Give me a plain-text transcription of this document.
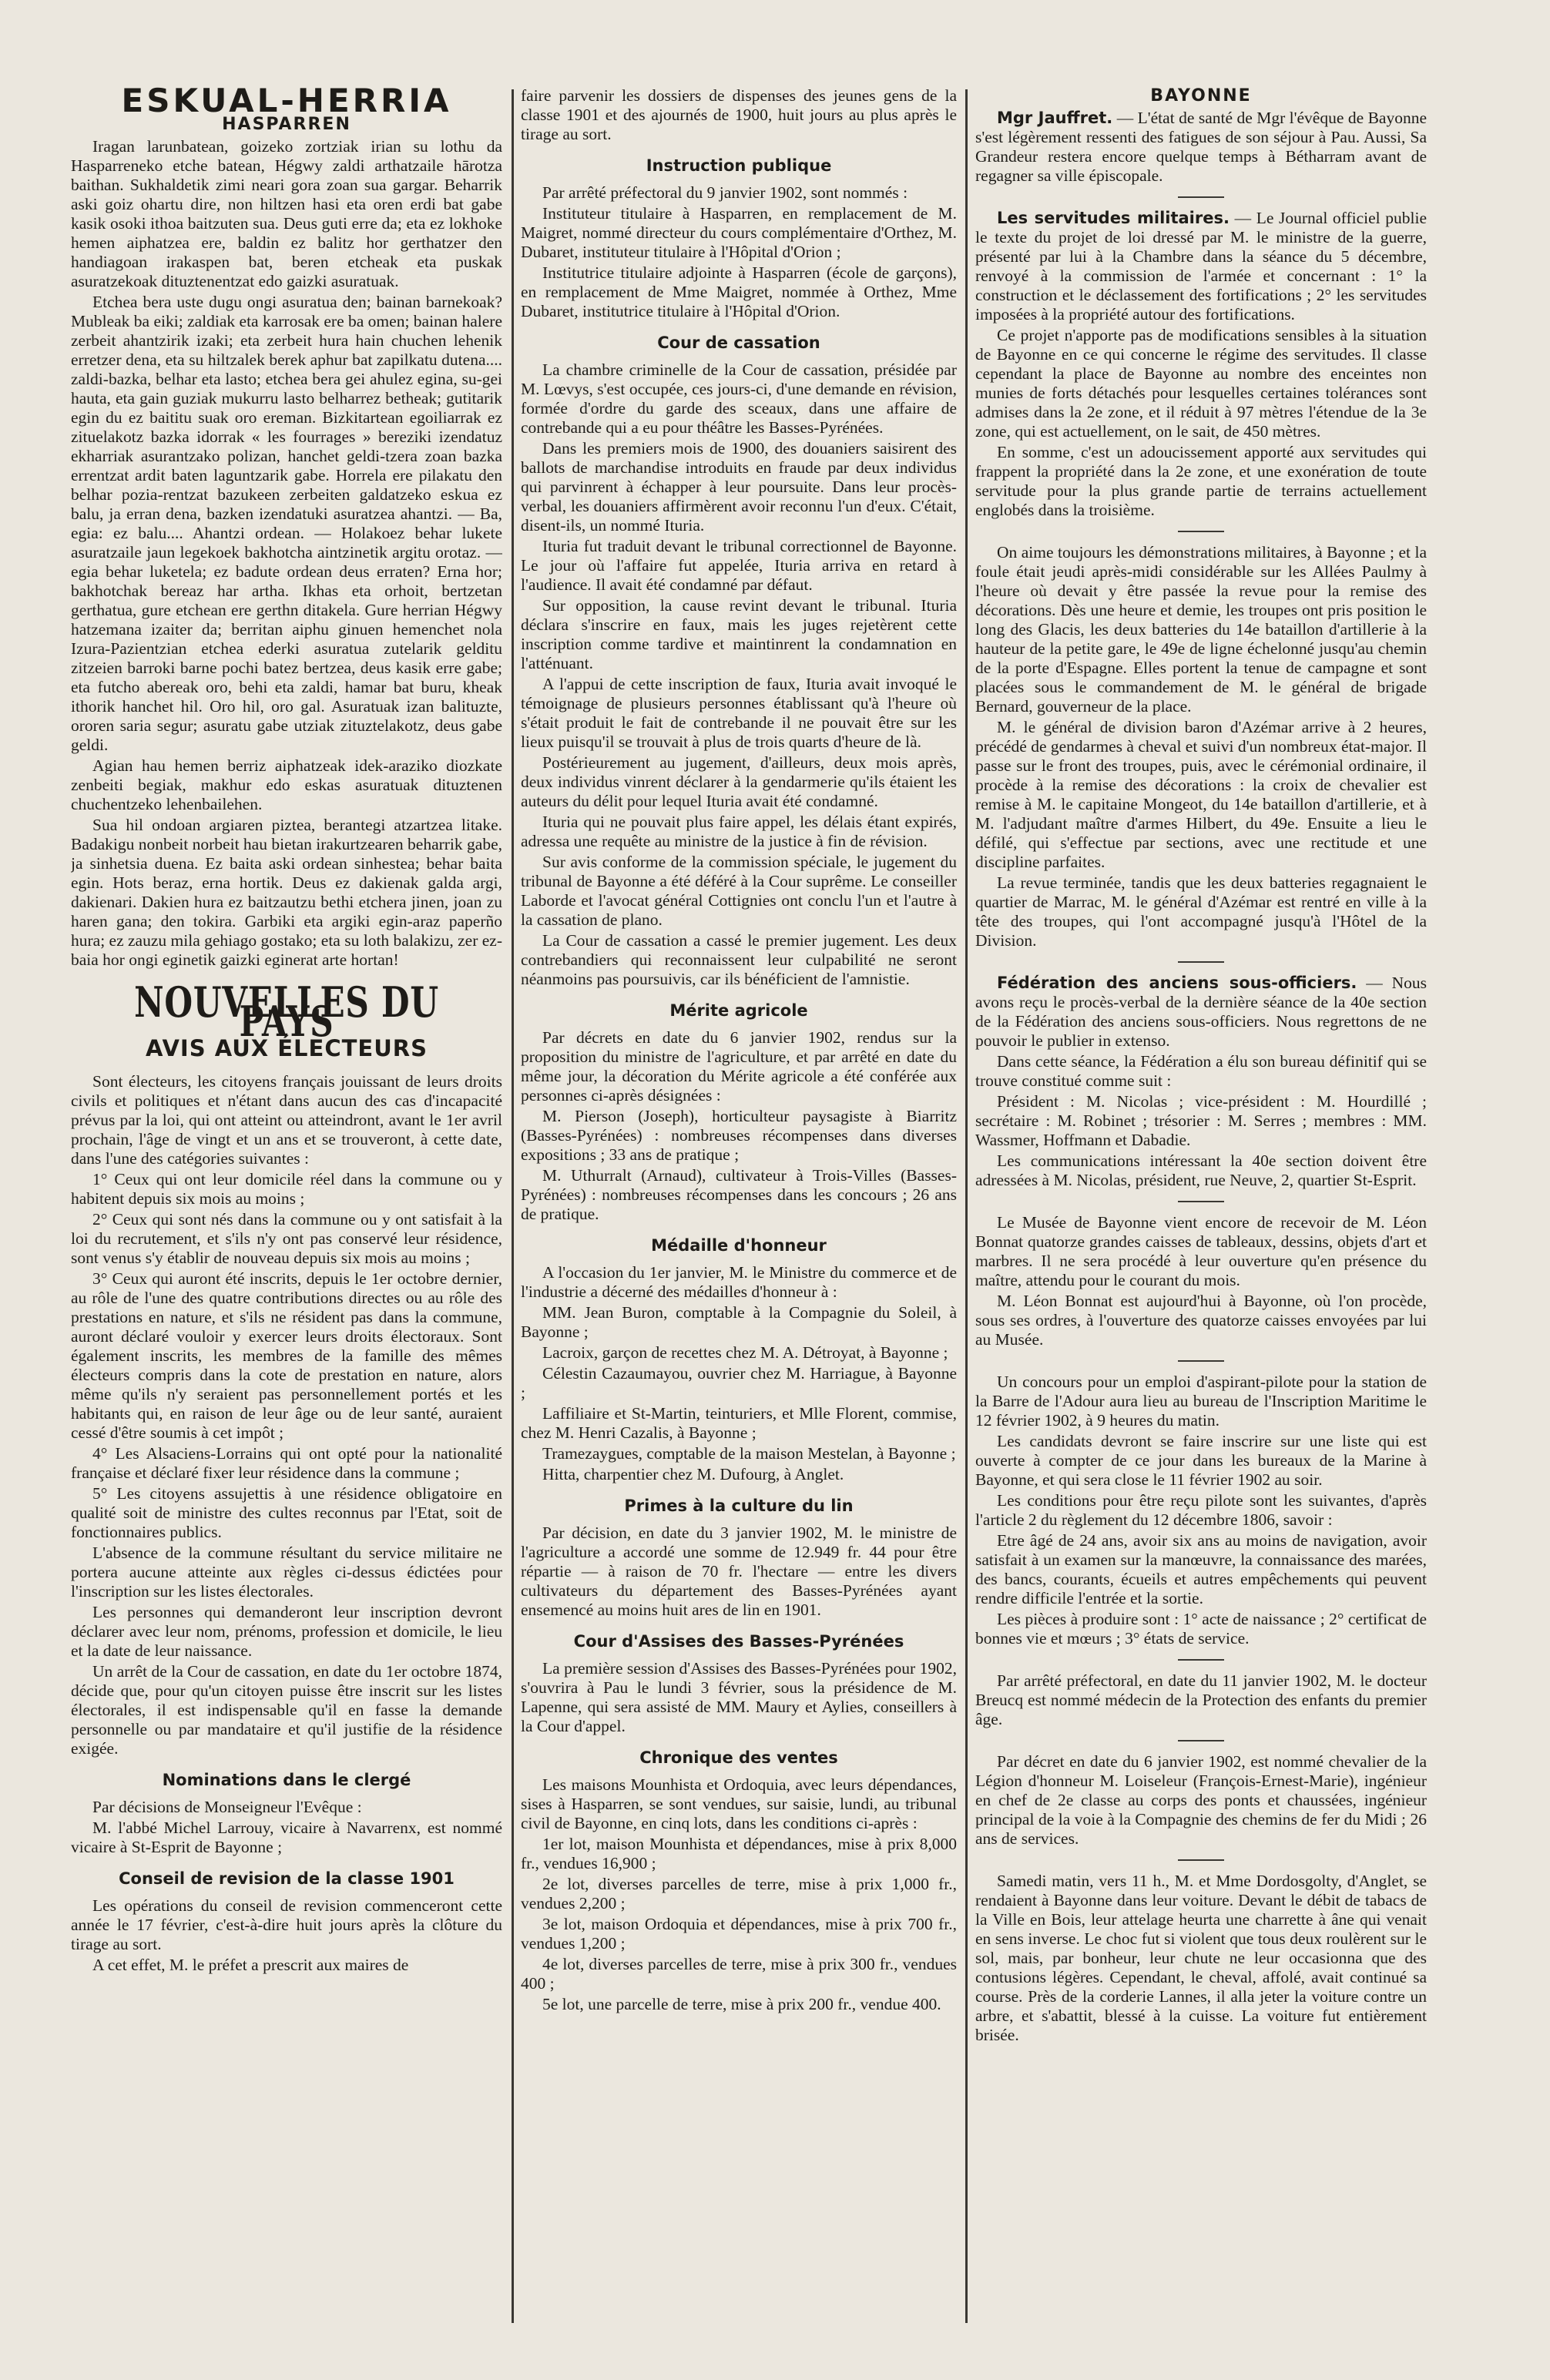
ESKUAL-HERRIA
HASPARREN

Iragan larunbatean, goizeko zortziak irian su lothu da Hasparreneko etche batean, Hégwy zaldi arthatzaile hārotza baithan. Sukhaldetik zimi neari gora zoan sua gargar. Beharrik aski goiz ohartu dire, non hiltzen hasi eta oren erdi bat gabe kasik osoki ithoa baitzuten sua. Deus guti erre da; eta ez lokhoke hemen aiphatzea ere, baldin ez balitz hor gerthatzer den handiagoan irakaspen bat, beren etcheak eta puskak asuratzekoak dituztenentzat edo gaizki asuratuak.

Etchea bera uste dugu ongi asuratua den; bainan barnekoak? Mubleak ba eiki; zaldiak eta karrosak ere ba omen; bainan halere zerbeit ahantzirik izaki; eta zerbeit hura hain chuchen lehenik erretzer dena, eta su hiltzalek berek aphur bat zapilkatu dutena.... zaldi-bazka, belhar eta lasto; etchea bera gei ahulez egina, su-gei hauta, eta gain guziak mukurru lasto belharrez betheak; gutitarik egin du ez baititu suak oro ereman. Bizkitartean egoiliarrak ez zituelakotz bazka idorrak « les fourrages » bereziki izendatuz ekharriak asurantzako polizan, hanchet geldi-tzera zoan bazka errentzat ardit baten laguntzarik gabe. Horrela ere pilakatu den belhar pozia-rentzat bazukeen zerbeiten galdatzeko eskua ez balu, ja erran dena, bazken izendatuki asuratzea ahantzi. — Ba, egia: ez balu.... Ahantzi ordean. — Holakoez behar lukete asuratzaile jaun legekoek bakhotcha aintzinetik argitu orotaz. — egia behar luketela; ez badute ordean deus erraten? Erna hor; bakhotchak bereaz har artha. Ikhas eta orhoit, bertzetan gerthatua, gure etchean ere gerthn ditakela. Gure herrian Hégwy hatzemana izaiter da; berritan aiphu ginuen hemenchet nola Izura-Pazientzian etchea ederki asuratua zutelarik gelditu zitzeien barroki barne pochi batez bertzea, deus kasik erre gabe; eta futcho abereak oro, behi eta zaldi, hamar bat buru, kheak ithorik hanchet hil. Oro hil, oro gal. Asuratuak izan balituzte, ororen saria segur; asuratu gabe utziak zituztelakotz, deus gabe geldi.

Agian hau hemen berriz aiphatzeak idek-araziko diozkate zenbeiti begiak, makhur edo eskas asuratuak dituztenen chuchentzeko lehenbailehen.

Sua hil ondoan argiaren piztea, berantegi atzartzea litake. Badakigu nonbeit norbeit hau bietan irakurtzearen beharrik gabe, ja sinhetsia duena. Ez baita aski ordean sinhestea; behar baita egin. Hots beraz, erna hortik. Deus ez dakienak galda argi, dakienari. Dakien hura ez baitzautzu bethi etchera jinen, joan zu haren gana; den tokira. Garbiki eta argiki egin-araz paperño hura; ez zauzu mila gehiago gostako; eta su loth balakizu, zer ez-baia hor ongi eginetik gaizki eginerat arte hortan!

NOUVELLES DU PAYS
AVIS AUX ÉLECTEURS

Sont électeurs, les citoyens français jouissant de leurs droits civils et politiques et n'étant dans aucun des cas d'incapacité prévus par la loi, qui ont atteint ou atteindront, avant le 1er avril prochain, l'âge de vingt et un ans et se trouveront, à cette date, dans l'une des catégories suivantes :

1° Ceux qui ont leur domicile réel dans la commune ou y habitent depuis six mois au moins ;

2° Ceux qui sont nés dans la commune ou y ont satisfait à la loi du recrutement, et s'ils n'y ont pas conservé leur résidence, sont venus s'y établir de nouveau depuis six mois au moins ;

3° Ceux qui auront été inscrits, depuis le 1er octobre dernier, au rôle de l'une des quatre contributions directes ou au rôle des prestations en nature, et s'ils ne résident pas dans la commune, auront déclaré vouloir y exercer leurs droits électoraux. Sont également inscrits, les membres de la famille des mêmes électeurs compris dans la cote de prestation en nature, alors même qu'ils n'y seraient pas personnellement portés et les habitants qui, en raison de leur âge ou de leur santé, auraient cessé d'être soumis à cet impôt ;

4° Les Alsaciens-Lorrains qui ont opté pour la nationalité française et déclaré fixer leur résidence dans la commune ;

5° Les citoyens assujettis à une résidence obligatoire en qualité soit de ministre des cultes reconnus par l'Etat, soit de fonctionnaires publics.

L'absence de la commune résultant du service militaire ne portera aucune atteinte aux règles ci-dessus édictées pour l'inscription sur les listes électorales.

Les personnes qui demanderont leur inscription devront déclarer avec leur nom, prénoms, profession et domicile, le lieu et la date de leur naissance.

Un arrêt de la Cour de cassation, en date du 1er octobre 1874, décide que, pour qu'un citoyen puisse être inscrit sur les listes électorales, il est indispensable qu'il en fasse la demande personnelle ou par mandataire et qu'il justifie de la résidence exigée.

Nominations dans le clergé

Par décisions de Monseigneur l'Evêque :

M. l'abbé Michel Larrouy, vicaire à Navarrenx, est nommé vicaire à St-Esprit de Bayonne ;

Conseil de revision de la classe 1901

Les opérations du conseil de revision commenceront cette année le 17 février, c'est-à-dire huit jours après la clôture du tirage au sort.

A cet effet, M. le préfet a prescrit aux maires de

faire parvenir les dossiers de dispenses des jeunes gens de la classe 1901 et des ajournés de 1900, huit jours au plus après le tirage au sort.

Instruction publique

Par arrêté préfectoral du 9 janvier 1902, sont nommés :

Instituteur titulaire à Hasparren, en remplacement de M. Maigret, nommé directeur du cours complémentaire d'Orthez, M. Dubaret, instituteur titulaire à l'Hôpital d'Orion ;

Institutrice titulaire adjointe à Hasparren (école de garçons), en remplacement de Mme Maigret, nommée à Orthez, Mme Dubaret, institutrice titulaire à l'Hôpital d'Orion.

Cour de cassation

La chambre criminelle de la Cour de cassation, présidée par M. Lœvys, s'est occupée, ces jours-ci, d'une demande en révision, formée d'ordre du garde des sceaux, dans une affaire de contrebande qui a eu pour théâtre les Basses-Pyrénées.

Dans les premiers mois de 1900, des douaniers saisirent des ballots de marchandise introduits en fraude par deux individus qui parvinrent à échapper à leur poursuite. Dans leur procès-verbal, les douaniers affirmèrent avoir reconnu l'un d'eux. C'était, disent-ils, un nommé Ituria.

Ituria fut traduit devant le tribunal correctionnel de Bayonne. Le jour où l'affaire fut appelée, Ituria arriva en retard à l'audience. Il avait été condamné par défaut.

Sur opposition, la cause revint devant le tribunal. Ituria déclara s'inscrire en faux, mais les juges rejetèrent cette inscription comme tardive et maintinrent la condamnation en l'atténuant.

A l'appui de cette inscription de faux, Ituria avait invoqué le témoignage de plusieurs personnes établissant qu'à l'heure où s'était produit le fait de contrebande il ne pouvait être sur les lieux puisqu'il se trouvait à plus de trois quarts d'heure de là.

Postérieurement au jugement, d'ailleurs, deux mois après, deux individus vinrent déclarer à la gendarmerie qu'ils étaient les auteurs du délit pour lequel Ituria avait été condamné.

Ituria qui ne pouvait plus faire appel, les délais étant expirés, adressa une requête au ministre de la justice à fin de révision.

Sur avis conforme de la commission spéciale, le jugement du tribunal de Bayonne a été déféré à la Cour suprême. Le conseiller Laborde et l'avocat général Cottignies ont conclu l'un et l'autre à la cassation de plano.

La Cour de cassation a cassé le premier jugement. Les deux contrebandiers qui reconnaissent leur culpabilité ne seront néanmoins pas poursuivis, car ils bénéficient de l'amnistie.

Mérite agricole

Par décrets en date du 6 janvier 1902, rendus sur la proposition du ministre de l'agriculture, et par arrêté en date du même jour, la décoration du Mérite agricole a été conférée aux personnes ci-après désignées :

M. Pierson (Joseph), horticulteur paysagiste à Biarritz (Basses-Pyrénées) : nombreuses récompenses dans diverses expositions ; 33 ans de pratique ;

M. Uthurralt (Arnaud), cultivateur à Trois-Villes (Basses-Pyrénées) : nombreuses récompenses dans les concours ; 26 ans de pratique.

Médaille d'honneur

A l'occasion du 1er janvier, M. le Ministre du commerce et de l'industrie a décerné des médailles d'honneur à :

MM. Jean Buron, comptable à la Compagnie du Soleil, à Bayonne ;

Lacroix, garçon de recettes chez M. A. Détroyat, à Bayonne ;

Célestin Cazaumayou, ouvrier chez M. Harriague, à Bayonne ;

Laffiliaire et St-Martin, teinturiers, et Mlle Florent, commise, chez M. Henri Cazalis, à Bayonne ;

Tramezaygues, comptable de la maison Mestelan, à Bayonne ;

Hitta, charpentier chez M. Dufourg, à Anglet.

Primes à la culture du lin

Par décision, en date du 3 janvier 1902, M. le ministre de l'agriculture a accordé une somme de 12.949 fr. 44 pour être répartie — à raison de 70 fr. l'hectare — entre les divers cultivateurs du département des Basses-Pyrénées ayant ensemencé au moins huit ares de lin en 1901.

Cour d'Assises des Basses-Pyrénées

La première session d'Assises des Basses-Pyrénées pour 1902, s'ouvrira à Pau le lundi 3 février, sous la présidence de M. Lapenne, qui sera assisté de MM. Maury et Aylies, conseillers à la Cour d'appel.

Chronique des ventes

Les maisons Mounhista et Ordoquia, avec leurs dépendances, sises à Hasparren, se sont vendues, sur saisie, lundi, au tribunal civil de Bayonne, en cinq lots, dans les conditions ci-après :

1er lot, maison Mounhista et dépendances, mise à prix 8,000 fr., vendues 16,900 ;

2e lot, diverses parcelles de terre, mise à prix 1,000 fr., vendues 2,200 ;

3e lot, maison Ordoquia et dépendances, mise à prix 700 fr., vendues 1,200 ;

4e lot, diverses parcelles de terre, mise à prix 300 fr., vendues 400 ;

5e lot, une parcelle de terre, mise à prix 200 fr., vendue 400.

BAYONNE

Mgr Jauffret. — L'état de santé de Mgr l'évêque de Bayonne s'est légèrement ressenti des fatigues de son séjour à Pau. Aussi, Sa Grandeur restera encore quelque temps à Bétharram avant de regagner sa ville épiscopale.

Les servitudes militaires. — Le Journal officiel publie le texte du projet de loi dressé par M. le ministre de la guerre, présenté par lui à la Chambre dans la séance du 5 décembre, renvoyé à la commission de l'armée et concernant : 1° la construction et le déclassement des fortifications ; 2° les servitudes imposées à la propriété autour des fortifications.

Ce projet n'apporte pas de modifications sensibles à la situation de Bayonne en ce qui concerne le régime des servitudes. Il classe cependant la place de Bayonne au nombre des enceintes non munies de forts détachés pour lesquelles certaines tolérances sont admises dans la 2e zone, et il réduit à 97 mètres l'étendue de la 3e zone, qui est actuellement, on le sait, de 450 mètres.

En somme, c'est un adoucissement apporté aux servitudes qui frappent la propriété dans la 2e zone, et une exonération de toute servitude pour la plus grande partie de terrains actuellement englobés dans la troisième.

On aime toujours les démonstrations militaires, à Bayonne ; et la foule était jeudi après-midi considérable sur les Allées Paulmy à l'heure où devait y être passée la revue pour la remise des décorations. Dès une heure et demie, les troupes ont pris position le long des Glacis, les deux batteries du 14e bataillon d'artillerie à la hauteur de la petite gare, le 49e de ligne échelonné jusqu'au chemin de la porte d'Espagne. Elles portent la tenue de campagne et sont placées sous le commandement de M. le général de brigade Bernard, gouverneur de la place.

M. le général de division baron d'Azémar arrive à 2 heures, précédé de gendarmes à cheval et suivi d'un nombreux état-major. Il passe sur le front des troupes, puis, avec le cérémonial ordinaire, il procède à la remise des décorations : la croix de chevalier est remise à M. le capitaine Mongeot, du 14e bataillon d'artillerie, et à M. l'adjudant maître d'armes Hilbert, du 49e. Ensuite a lieu le défilé, qui s'effectue par sections, avec une rectitude et une discipline parfaites.

La revue terminée, tandis que les deux batteries regagnaient le quartier de Marrac, M. le général d'Azémar est rentré en ville à la tête des troupes, qui l'ont accompagné jusqu'à l'Hôtel de la Division.

Fédération des anciens sous-officiers. — Nous avons reçu le procès-verbal de la dernière séance de la 40e section de la Fédération des anciens sous-officiers. Nous regrettons de ne pouvoir le publier in extenso.

Dans cette séance, la Fédération a élu son bureau définitif qui se trouve constitué comme suit :

Président : M. Nicolas ; vice-président : M. Hourdillé ; secrétaire : M. Robinet ; trésorier : M. Serres ; membres : MM. Wassmer, Hoffmann et Dabadie.

Les communications intéressant la 40e section doivent être adressées à M. Nicolas, président, rue Neuve, 2, quartier St-Esprit.

Le Musée de Bayonne vient encore de recevoir de M. Léon Bonnat quatorze grandes caisses de tableaux, dessins, objets d'art et marbres. Il ne sera procédé à leur ouverture qu'en présence du maître, attendu pour le courant du mois.

M. Léon Bonnat est aujourd'hui à Bayonne, où l'on procède, sous ses ordres, à l'ouverture des quatorze caisses envoyées par lui au Musée.

Un concours pour un emploi d'aspirant-pilote pour la station de la Barre de l'Adour aura lieu au bureau de l'Inscription Maritime le 12 février 1902, à 9 heures du matin.

Les candidats devront se faire inscrire sur une liste qui est ouverte à compter de ce jour dans les bureaux de la Marine à Bayonne, et qui sera close le 11 février 1902 au soir.

Les conditions pour être reçu pilote sont les suivantes, d'après l'article 2 du règlement du 12 décembre 1806, savoir :

Etre âgé de 24 ans, avoir six ans au moins de navigation, avoir satisfait à un examen sur la manœuvre, la connaissance des marées, des bancs, courants, écueils et autres empêchements qui peuvent rendre difficile l'entrée et la sortie.

Les pièces à produire sont : 1° acte de naissance ; 2° certificat de bonnes vie et mœurs ; 3° états de service.

Par arrêté préfectoral, en date du 11 janvier 1902, M. le docteur Breucq est nommé médecin de la Protection des enfants du premier âge.

Par décret en date du 6 janvier 1902, est nommé chevalier de la Légion d'honneur M. Loiseleur (François-Ernest-Marie), ingénieur en chef de 2e classe au corps des ponts et chaussées, ingénieur principal de la voie à la Compagnie des chemins de fer du Midi ; 26 ans de services.

Samedi matin, vers 11 h., M. et Mme Dordosgolty, d'Anglet, se rendaient à Bayonne dans leur voiture. Devant le débit de tabacs de la Ville en Bois, leur attelage heurta une charrette à âne qui venait en sens inverse. Le choc fut si violent que tous deux roulèrent sur le sol, mais, par bonheur, leur chute ne leur occasionna que des contusions légères. Cependant, le cheval, affolé, avait continué sa course. Près de la corderie Lannes, il alla jeter la voiture contre un arbre, et s'abattit, blessé à la cuisse. La voiture fut entièrement brisée.
